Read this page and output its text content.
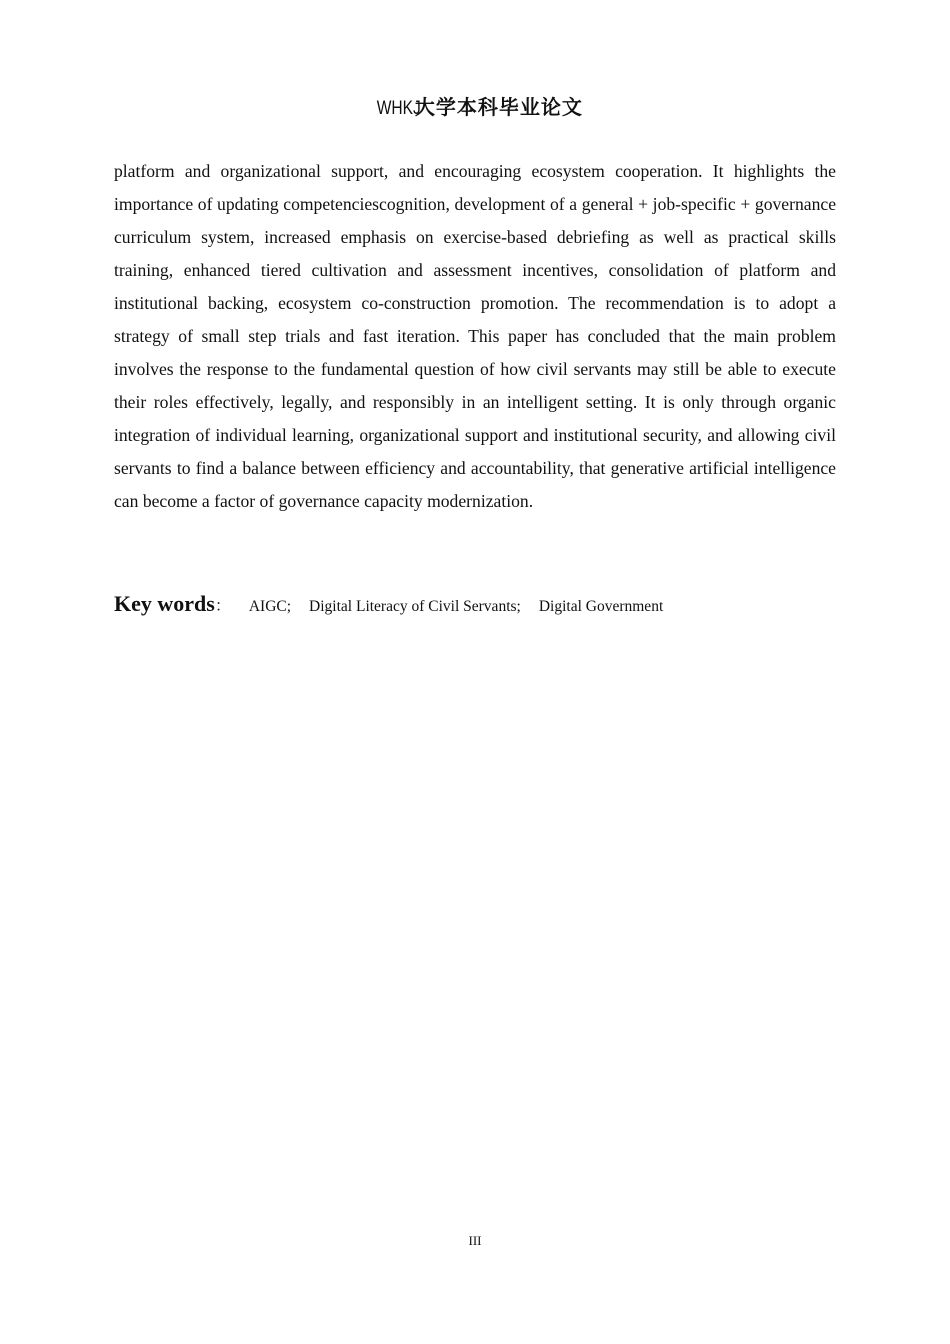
WHKJ大学本科毕业论文

platform and organizational support, and encouraging ecosystem cooperation. It highlights the importance of updating competenciescognition, development of a general + job-specific + governance curriculum system, increased emphasis on exercise-based debriefing as well as practical skills training, enhanced tiered cultivation and assessment incentives, consolidation of platform and institutional backing, ecosystem co-construction promotion. The recommendation is to adopt a strategy of small step trials and fast iteration. This paper has concluded that the main problem involves the response to the fundamental question of how civil servants may still be able to execute their roles effectively, legally, and responsibly in an intelligent setting. It is only through organic integration of individual learning, organizational support and institutional security, and allowing civil servants to find a balance between efficiency and accountability, that generative artificial intelligence can become a factor of governance capacity modernization.

Key words： AIGC; Digital Literacy of Civil Servants; Digital Government
III
